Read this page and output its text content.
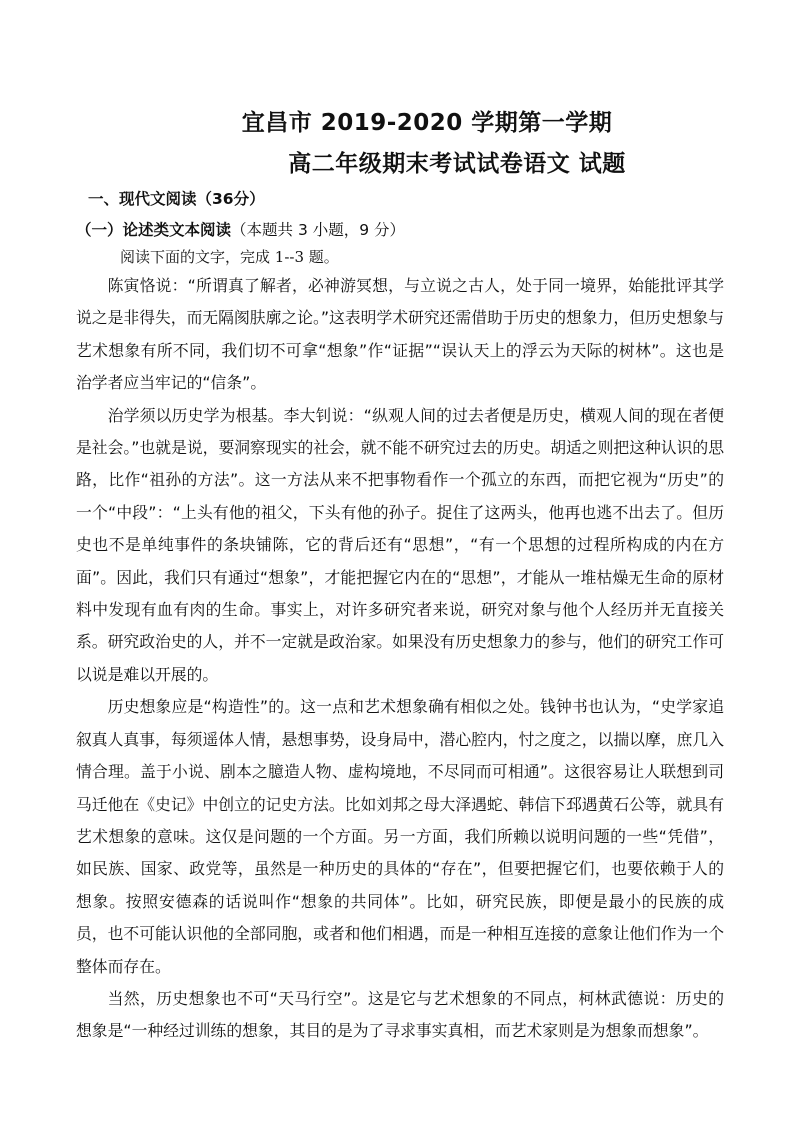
宜昌市 2019-2020 学期第一学期
高二年级期末考试试卷语文 试题
一、现代文阅读（36分）
（一）论述类文本阅读（本题共 3 小题，9 分）
阅读下面的文字，完成 1--3 题。

陈寅恪说：“所谓真了解者，必神游冥想，与立说之古人，处于同一境界，始能批评其学说之是非得失，而无隔阂肤廓之论。”这表明学术研究还需借助于历史的想象力，但历史想象与艺术想象有所不同，我们切不可拿“想象”作“证据”“误认天上的浮云为天际的树林”。这也是治学者应当牢记的“信条”。

治学须以历史学为根基。李大钊说：“纵观人间的过去者便是历史，横观人间的现在者便是社会。”也就是说，要洞察现实的社会，就不能不研究过去的历史。胡适之则把这种认识的思路，比作“祖孙的方法”。这一方法从来不把事物看作一个孤立的东西，而把它视为“历史”的一个“中段”：“上头有他的祖父，下头有他的孙子。捉住了这两头，他再也逃不出去了。但历史也不是单纯事件的条块铺陈，它的背后还有“思想”，“有一个思想的过程所构成的内在方面”。因此，我们只有通过“想象”，才能把握它内在的“思想”，才能从一堆枯燥无生命的原材料中发现有血有肉的生命。事实上，对许多研究者来说，研究对象与他个人经历并无直接关系。研究政治史的人，并不一定就是政治家。如果没有历史想象力的参与，他们的研究工作可以说是难以开展的。

历史想象应是“构造性”的。这一点和艺术想象确有相似之处。钱钟书也认为，“史学家追叙真人真事，每须遥体人情，悬想事势，设身局中，潜心腔内，忖之度之，以揣以摩，庶几入情合理。盖于小说、剧本之臆造人物、虚构境地，不尽同而可相通”。这很容易让人联想到司马迁他在《史记》中创立的记史方法。比如刘邦之母大泽遇蛇、韩信下邳遇黄石公等，就具有艺术想象的意味。这仅是问题的一个方面。另一方面，我们所赖以说明问题的一些“凭借”，如民族、国家、政党等，虽然是一种历史的具体的“存在”，但要把握它们，也要依赖于人的想象。按照安德森的话说叫作“想象的共同体”。比如，研究民族，即便是最小的民族的成员，也不可能认识他的全部同胞，或者和他们相遇，而是一种相互连接的意象让他们作为一个整体而存在。

当然，历史想象也不可“天马行空”。这是它与艺术想象的不同点，柯林武德说：历史的想象是“一种经过训练的想象，其目的是为了寻求事实真相，而艺术家则是为想象而想象”。
